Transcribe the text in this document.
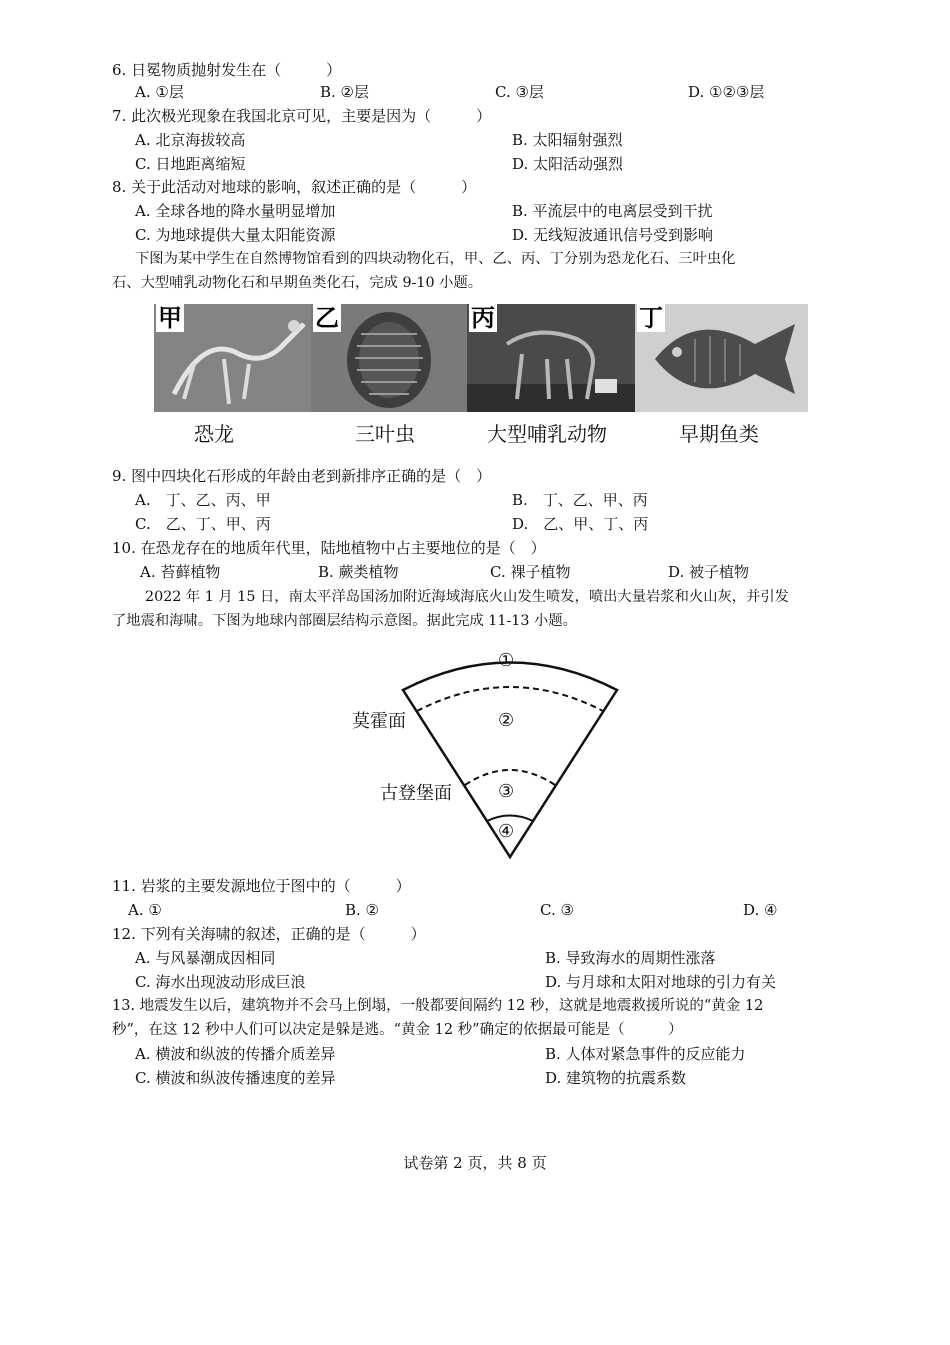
6. 日冕物质抛射发生在（　　　）
A. ①层	B. ②层	C. ③层	D. ①②③层
7. 此次极光现象在我国北京可见，主要是因为（　　　）
A. 北京海拔较高	B. 太阳辐射强烈
C. 日地距离缩短	D. 太阳活动强烈
8. 关于此活动对地球的影响，叙述正确的是（　　　）
A. 全球各地的降水量明显增加	B. 平流层中的电离层受到干扰
C. 为地球提供大量太阳能资源	D. 无线短波通讯信号受到影响
下图为某中学生在自然博物馆看到的四块动物化石，甲、乙、丙、丁分别为恐龙化石、三叶虫化
石、大型哺乳动物化石和早期鱼类化石，完成 9-10 小题。
甲	乙	丙	丁
恐龙	三叶虫	大型哺乳动物	早期鱼类
9. 图中四块化石形成的年龄由老到新排序正确的是（　）
A.　丁、乙、丙、甲	B.　丁、乙、甲、丙
C.　乙、丁、甲、丙	D.　乙、甲、丁、丙
10. 在恐龙存在的地质年代里，陆地植物中占主要地位的是（　）
A. 苔藓植物	B. 蕨类植物	C. 裸子植物	D. 被子植物
2022 年 1 月 15 日，南太平洋岛国汤加附近海域海底火山发生喷发，喷出大量岩浆和火山灰，并引发
了地震和海啸。下图为地球内部圈层结构示意图。据此完成 11-13 小题。
①
②
③
④
莫霍面
古登堡面
11. 岩浆的主要发源地位于图中的（　　　）
A. ①	B. ②	C. ③	D. ④
12. 下列有关海啸的叙述，正确的是（　　　）
A. 与风暴潮成因相同	B. 导致海水的周期性涨落
C. 海水出现波动形成巨浪	D. 与月球和太阳对地球的引力有关
13. 地震发生以后，建筑物并不会马上倒塌，一般都要间隔约 12 秒，这就是地震救援所说的“黄金 12
秒”，在这 12 秒中人们可以决定是躲是逃。“黄金 12 秒”确定的依据最可能是（　　　）
A. 横波和纵波的传播介质差异	B. 人体对紧急事件的反应能力
C. 横波和纵波传播速度的差异	D. 建筑物的抗震系数
试卷第 2 页，共 8 页
